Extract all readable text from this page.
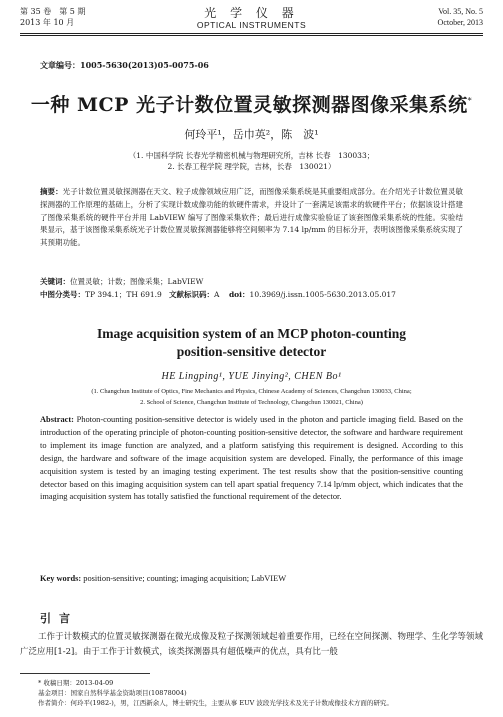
第 35 卷　第 5 期
2013 年 10 月
光 学 仪 器
OPTICAL INSTRUMENTS
Vol. 35, No. 5
October, 2013
文章编号：1005-5630(2013)05-0075-06
一种 MCP 光子计数位置灵敏探测器图像采集系统*
何玲平¹，岳巾英²，陈　波¹
（1. 中国科学院 长春光学精密机械与物理研究所，吉林 长春　130033；
2. 长春工程学院 理学院，吉林，长春　130021）
摘要：光子计数位置灵敏探测器在天文、粒子成像领域应用广泛，而图像采集系统是其重要组成部分。在介绍光子计数位置灵敏探测器的工作原理的基础上，分析了实现计数成像功能的软硬件需求，并设计了一套满足该需求的软硬件平台；依据该设计搭建了图像采集系统的硬件平台并用 LabVIEW 编写了图像采集软件；最后进行成像实验验证了该套图像采集系统的性能。实验结果显示，基于该图像采集系统光子计数位置灵敏探测器能够将空间频率为 7.14 lp/mm 的目标分开，表明该图像采集系统实现了其预期功能。
关键词：位置灵敏；计数；图像采集；LabVIEW
中图分类号：TP 394.1；TH 691.9 文献标识码：A doi：10.3969/j.issn.1005-5630.2013.05.017
Image acquisition system of an MCP photon-counting
position-sensitive detector
HE Lingping¹, YUE Jinying², CHEN Bo¹
(1. Changchun Institute of Optics, Fine Mechanics and Physics, Chinese Academy of Sciences, Changchun 130033, China;
2. School of Science, Changchun Institute of Technology, Changchun 130021, China)
Abstract: Photon-counting position-sensitive detector is widely used in the photon and particle imaging field. Based on the introduction of the operating principle of photon-counting position-sensitive detector, the software and hardware requirement to implement its image function are analyzed, and a platform satisfying this requirement is designed. According to this design, the hardware and software of the image acquisition system are developed. Finally, the performance of this image acquisition system is tested by an imaging testing experiment. The test results show that the position-sensitive counting detector based on this imaging acquisition system can tell apart spatial frequency 7.14 lp/mm object, which indicates that the imaging acquisition system has totally satisfied the functional requirement of the detector.
Key words: position-sensitive; counting; imaging acquisition; LabVIEW
引言
工作于计数模式的位置灵敏探测器在微光成像及粒子探测领域起着重要作用，已经在空间探测、物理学、生化学等领域广泛应用[1-2]。由于工作于计数模式，该类探测器具有超低噪声的优点，具有比一般
* 收稿日期：2013-04-09
基金项目：国家自然科学基金资助项目(10878004)
作者简介：何玲平(1982-)，男，江西新余人，博士研究生，主要从事 EUV 波段光学技术及光子计数成像技术方面的研究。
